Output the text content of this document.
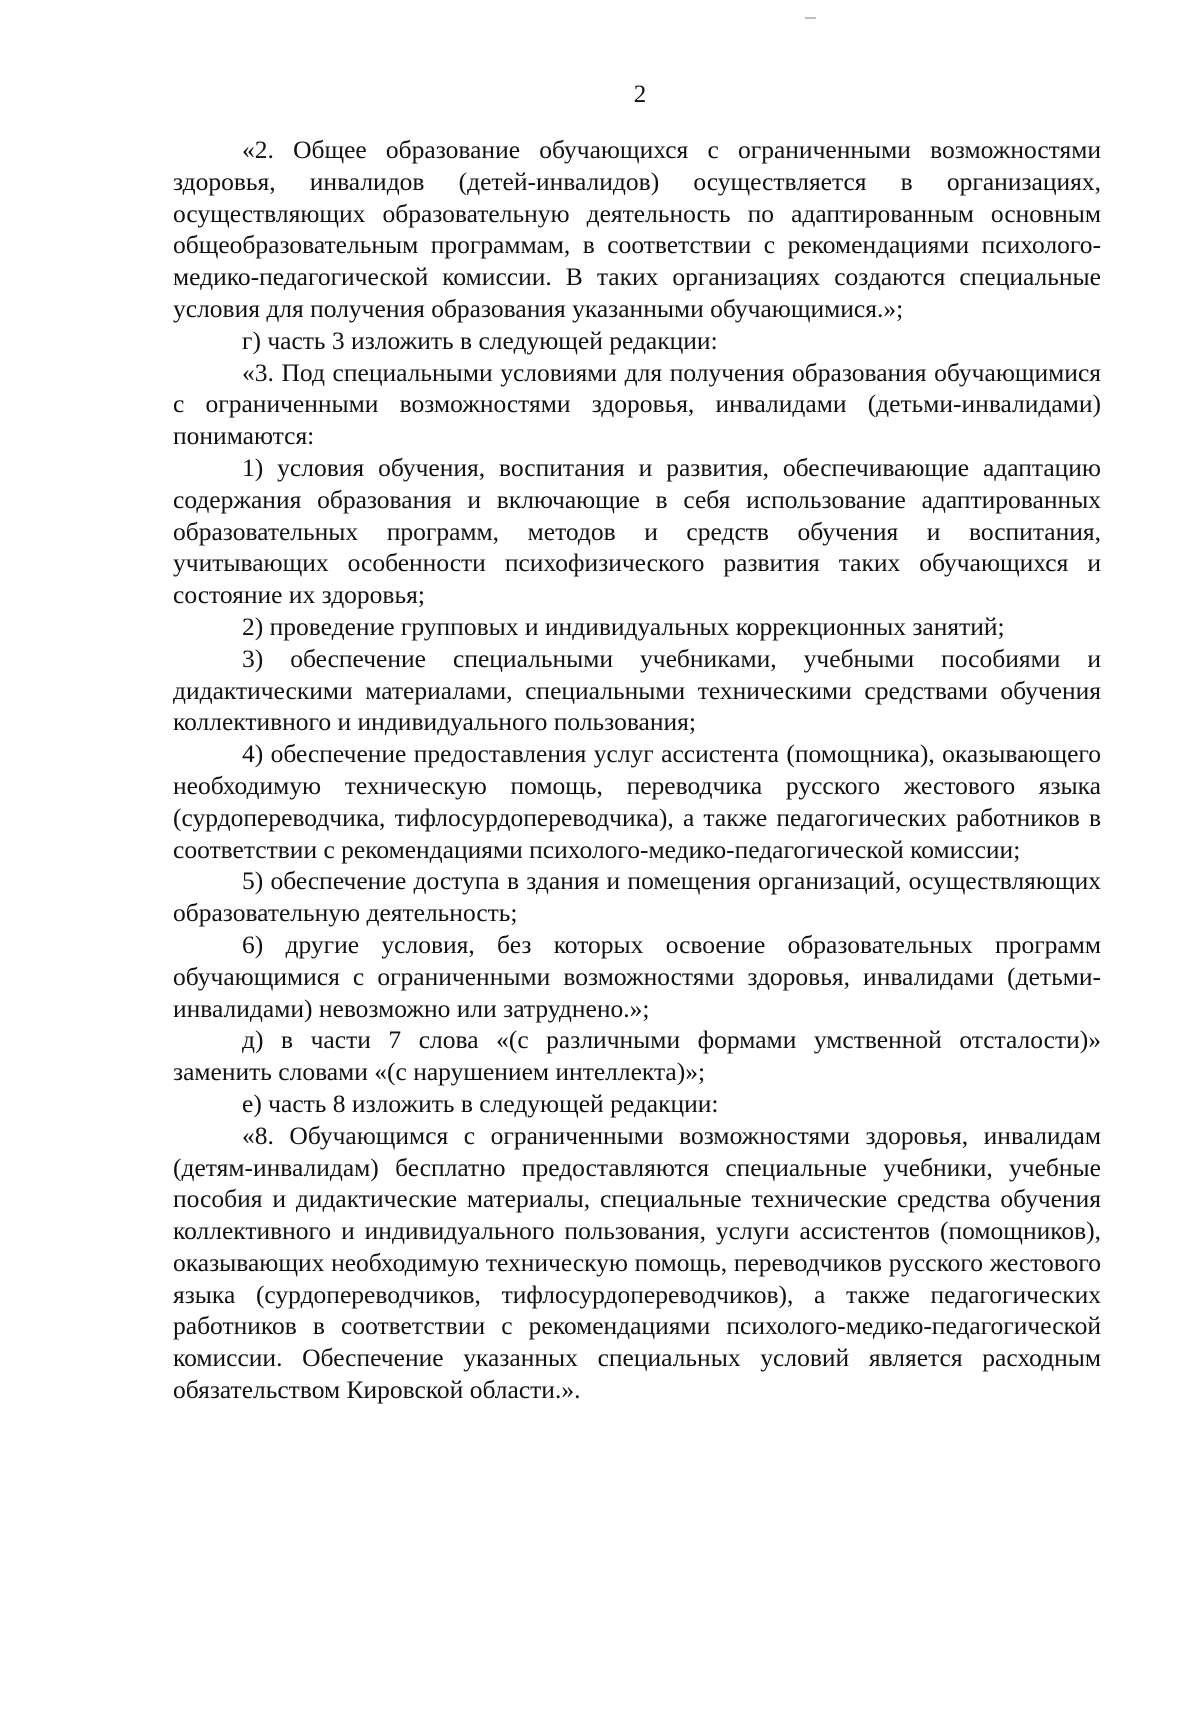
2

«2. Общее образование обучающихся с ограниченными возможностями здоровья, инвалидов (детей-инвалидов) осуществляется в организациях, осуществляющих образовательную деятельность по адаптированным основным общеобразовательным программам, в соответствии с рекомендациями психолого-медико-педагогической комиссии. В таких организациях создаются специальные условия для получения образования указанными обучающимися.»;

г) часть 3 изложить в следующей редакции:

«3. Под специальными условиями для получения образования обучающимися с ограниченными возможностями здоровья, инвалидами (детьми-инвалидами) понимаются:

1) условия обучения, воспитания и развития, обеспечивающие адаптацию содержания образования и включающие в себя использование адаптированных образовательных программ, методов и средств обучения и воспитания, учитывающих особенности психофизического развития таких обучающихся и состояние их здоровья;

2) проведение групповых и индивидуальных коррекционных занятий;

3) обеспечение специальными учебниками, учебными пособиями и дидактическими материалами, специальными техническими средствами обучения коллективного и индивидуального пользования;

4) обеспечение предоставления услуг ассистента (помощника), оказывающего необходимую техническую помощь, переводчика русского жестового языка (сурдопереводчика, тифлосурдопереводчика), а также педагогических работников в соответствии с рекомендациями психолого-медико-педагогической комиссии;

5) обеспечение доступа в здания и помещения организаций, осуществляющих образовательную деятельность;

6) другие условия, без которых освоение образовательных программ обучающимися с ограниченными возможностями здоровья, инвалидами (детьми-инвалидами) невозможно или затруднено.»;

д) в части 7 слова «(с различными формами умственной отсталости)» заменить словами «(с нарушением интеллекта)»;

е) часть 8 изложить в следующей редакции:

«8. Обучающимся с ограниченными возможностями здоровья, инвалидам (детям-инвалидам) бесплатно предоставляются специальные учебники, учебные пособия и дидактические материалы, специальные технические средства обучения коллективного и индивидуального пользования, услуги ассистентов (помощников), оказывающих необходимую техническую помощь, переводчиков русского жестового языка (сурдопереводчиков, тифлосурдопереводчиков), а также педагогических работников в соответствии с рекомендациями психолого-медико-педагогической комиссии. Обеспечение указанных специальных условий является расходным обязательством Кировской области.».
